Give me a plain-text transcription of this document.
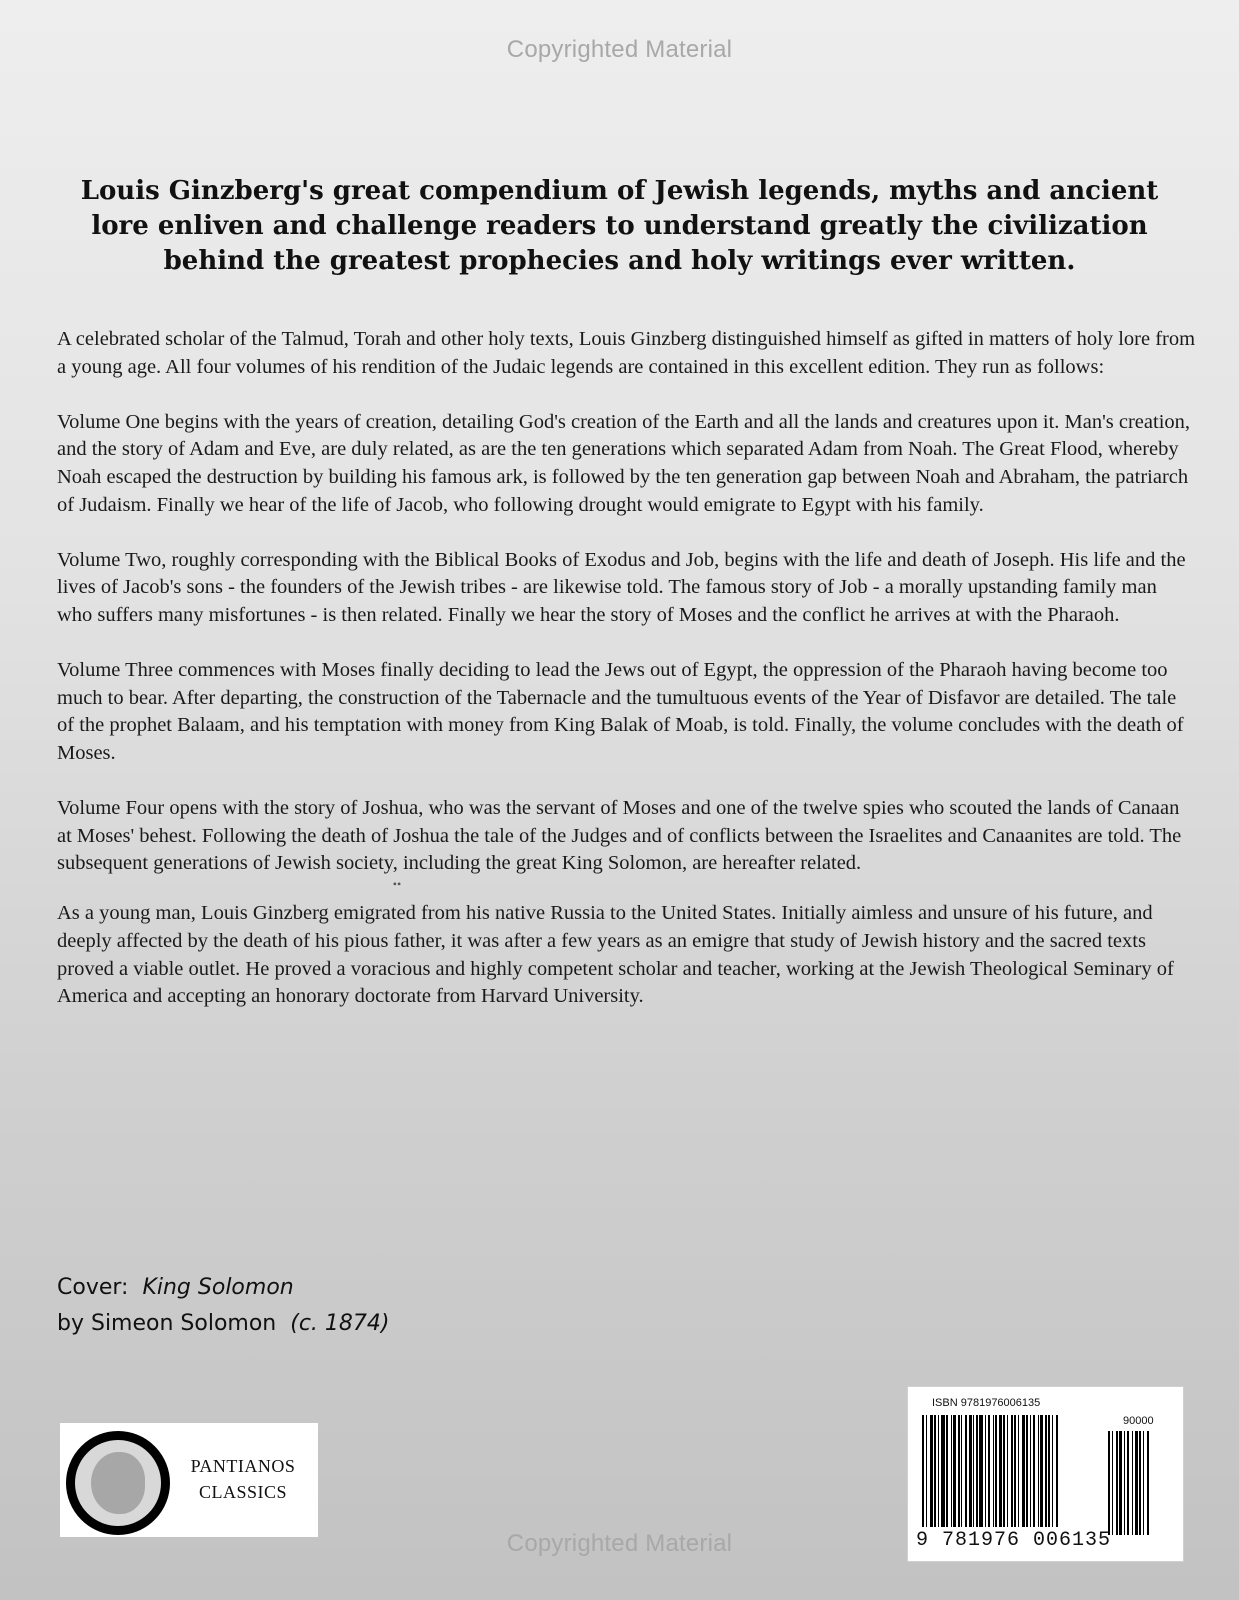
Copyrighted Material
Louis Ginzberg's great compendium of Jewish legends, myths and ancient lore enliven and challenge readers to understand greatly the civilization behind the greatest prophecies and holy writings ever written.

A celebrated scholar of the Talmud, Torah and other holy texts, Louis Ginzberg distinguished himself as gifted in matters of holy lore from a young age. All four volumes of his rendition of the Judaic legends are contained in this excellent edition. They run as follows:

Volume One begins with the years of creation, detailing God's creation of the Earth and all the lands and creatures upon it. Man's creation, and the story of Adam and Eve, are duly related, as are the ten generations which separated Adam from Noah. The Great Flood, whereby Noah escaped the destruction by building his famous ark, is followed by the ten generation gap between Noah and Abraham, the patriarch of Judaism. Finally we hear of the life of Jacob, who following drought would emigrate to Egypt with his family.

Volume Two, roughly corresponding with the Biblical Books of Exodus and Job, begins with the life and death of Joseph. His life and the lives of Jacob's sons - the founders of the Jewish tribes - are likewise told. The famous story of Job - a morally upstanding family man who suffers many misfortunes - is then related. Finally we hear the story of Moses and the conflict he arrives at with the Pharaoh.

Volume Three commences with Moses finally deciding to lead the Jews out of Egypt, the oppression of the Pharaoh having become too much to bear. After departing, the construction of the Tabernacle and the tumultuous events of the Year of Disfavor are detailed. The tale of the prophet Balaam, and his temptation with money from King Balak of Moab, is told. Finally, the volume concludes with the death of Moses.

Volume Four opens with the story of Joshua, who was the servant of Moses and one of the twelve spies who scouted the lands of Canaan at Moses' behest. Following the death of Joshua the tale of the Judges and of conflicts between the Israelites and Canaanites are told. The subsequent generations of Jewish society, including the great King Solomon, are hereafter related.

••

As a young man, Louis Ginzberg emigrated from his native Russia to the United States. Initially aimless and unsure of his future, and deeply affected by the death of his pious father, it was after a few years as an emigre that study of Jewish history and the sacred texts proved a viable outlet. He proved a voracious and highly competent scholar and teacher, working at the Jewish Theological Seminary of America and accepting an honorary doctorate from Harvard University.

Cover: King Solomon
by Simeon Solomon (c. 1874)
PANTIANOS
CLASSICS
ISBN 9781976006135
90000
9 781976 006135
Copyrighted Material
